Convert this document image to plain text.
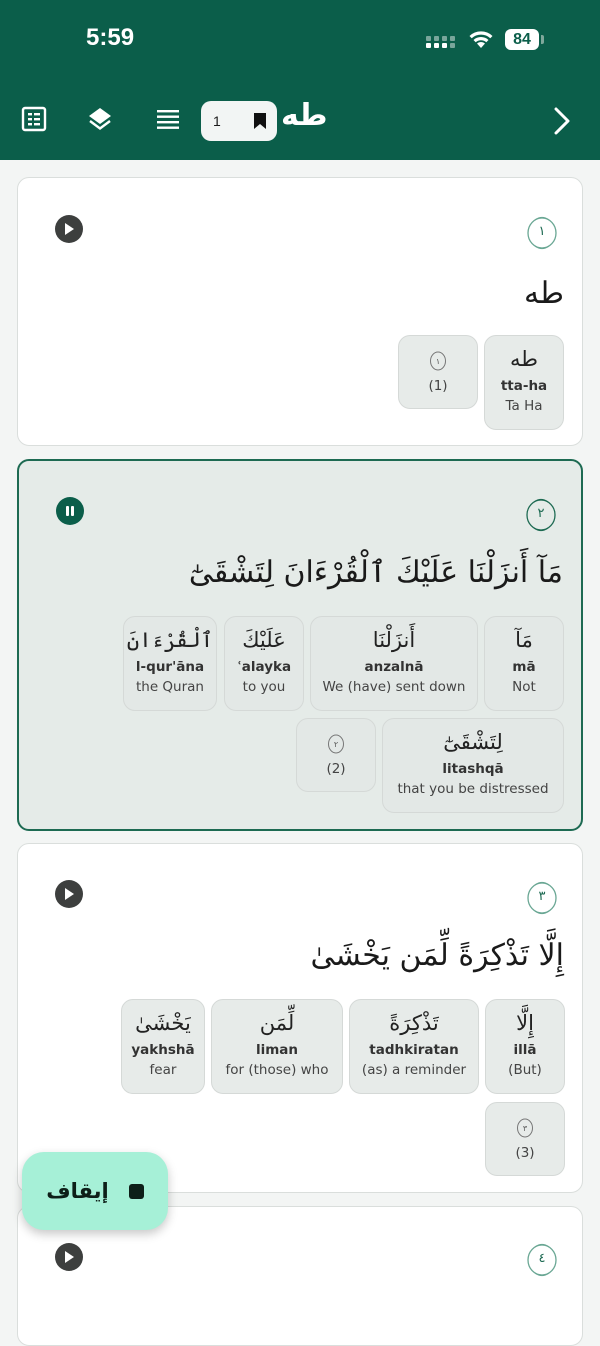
5:59	84
1	طه
١
طه
طه
tta-ha
Ta Ha
١
(1)
٢
مَآ أَنزَلْنَا عَلَيْكَ ٱلْقُرْءَانَ لِتَشْقَىٰٓ
مَآ
mā
Not
أَنزَلْنَا
anzalnā
We (have) sent down
عَلَيْكَ
ʿalayka
to you
ٱلْقُرْءَانَ
l-qur'āna
the Quran
لِتَشْقَىٰٓ
litashqā
that you be distressed
٢
(2)
٣
إِلَّا تَذْكِرَةً لِّمَن يَخْشَىٰ
إِلَّا
illā
(But)
تَذْكِرَةً
tadhkiratan
(as) a reminder
لِّمَن
liman
for (those) who
يَخْشَىٰ
yakhshā
fear
٣
(3)
٤
إيقاف
